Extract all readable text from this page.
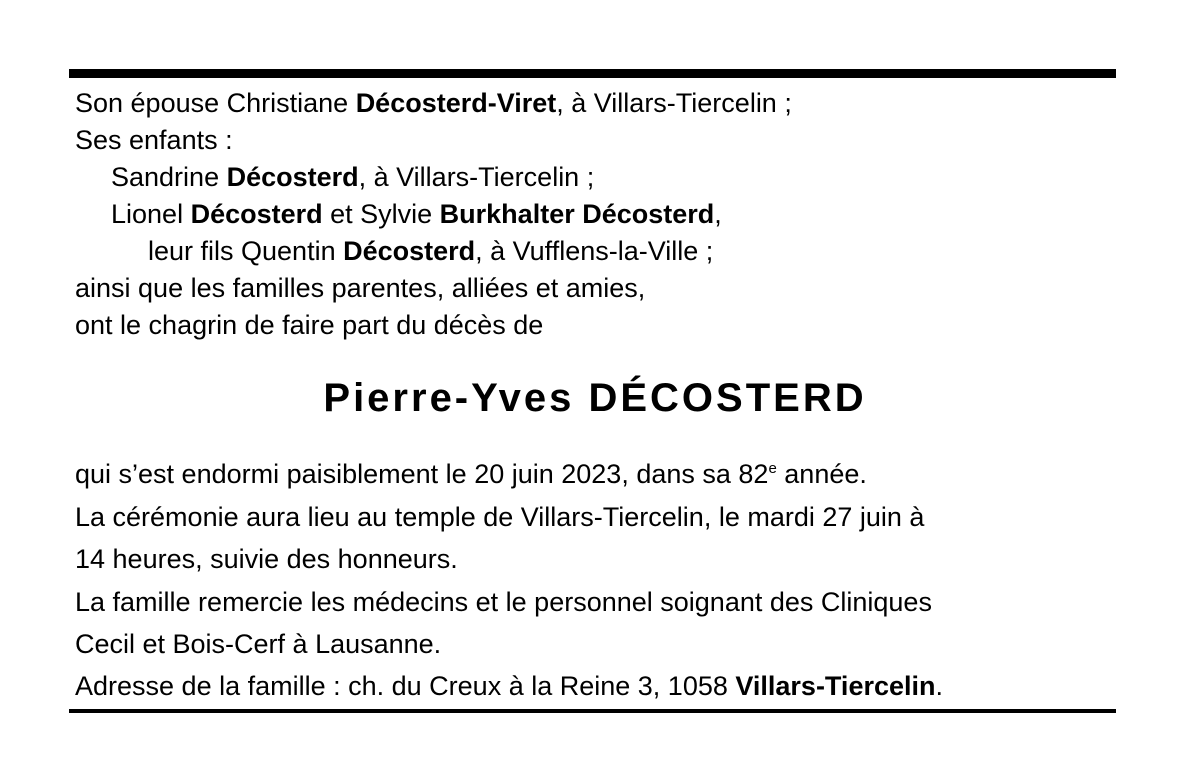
Son épouse Christiane Décosterd-Viret, à Villars-Tiercelin ;
Ses enfants :
Sandrine Décosterd, à Villars-Tiercelin ;
Lionel Décosterd et Sylvie Burkhalter Décosterd,
leur fils Quentin Décosterd, à Vufflens-la-Ville ;
ainsi que les familles parentes, alliées et amies,
ont le chagrin de faire part du décès de
Pierre-Yves DÉCOSTERD
qui s’est endormi paisiblement le 20 juin 2023, dans sa 82e année.
La cérémonie aura lieu au temple de Villars-Tiercelin, le mardi 27 juin à
14 heures, suivie des honneurs.
La famille remercie les médecins et le personnel soignant des Cliniques
Cecil et Bois-Cerf à Lausanne.
Adresse de la famille : ch. du Creux à la Reine 3, 1058 Villars-Tiercelin.
